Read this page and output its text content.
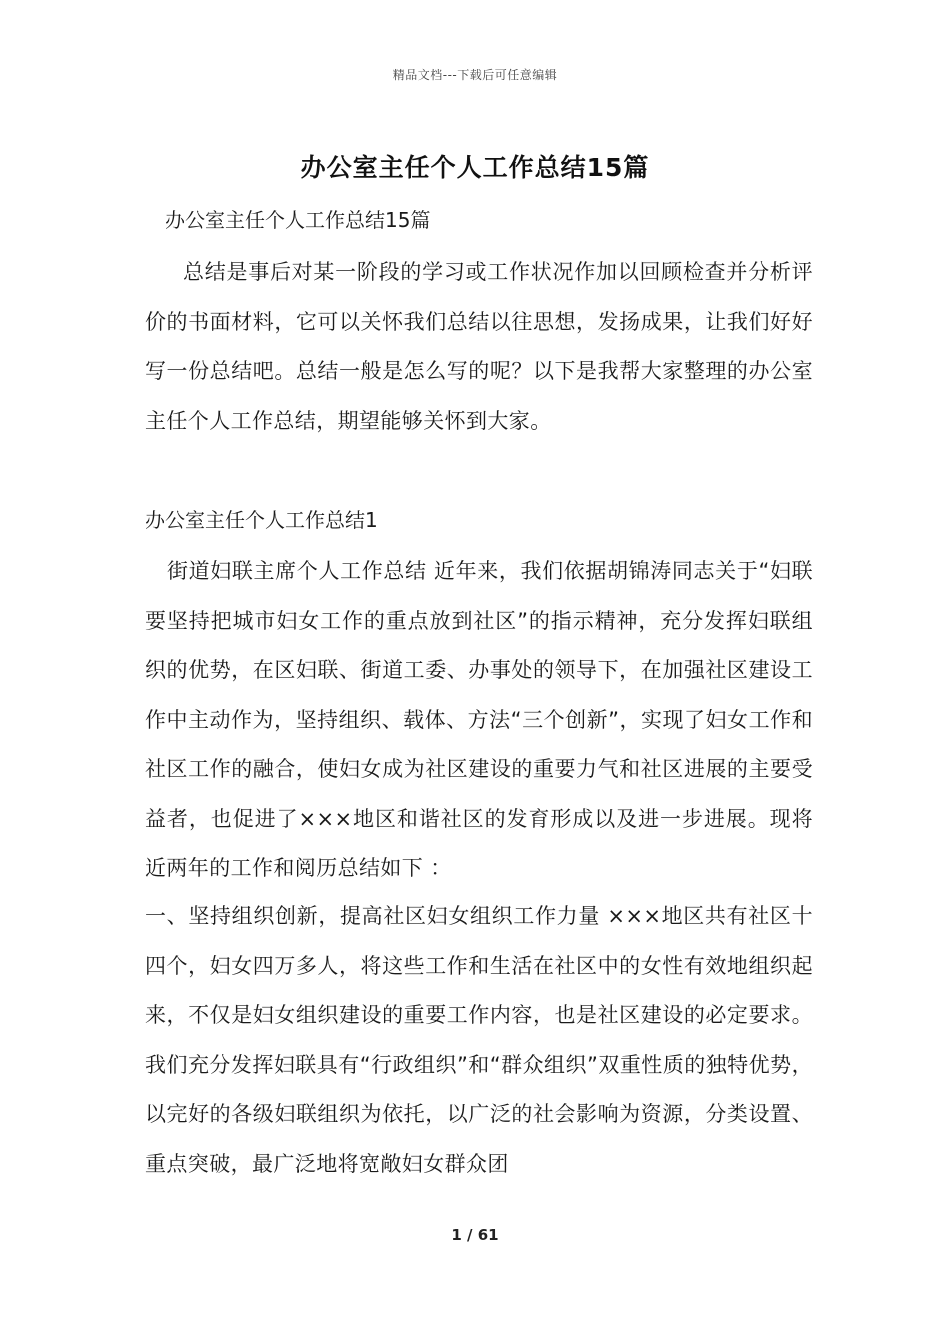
精品文档---下载后可任意编辑
办公室主任个人工作总结15篇
办公室主任个人工作总结15篇
总结是事后对某一阶段的学习或工作状况作加以回顾检查并分析评价的书面材料，它可以关怀我们总结以往思想，发扬成果，让我们好好写一份总结吧。总结一般是怎么写的呢？以下是我帮大家整理的办公室主任个人工作总结，期望能够关怀到大家。
办公室主任个人工作总结1
街道妇联主席个人工作总结 近年来，我们依据胡锦涛同志关于“妇联要坚持把城市妇女工作的重点放到社区”的指示精神，充分发挥妇联组织的优势，在区妇联、街道工委、办事处的领导下，在加强社区建设工作中主动作为，坚持组织、载体、方法“三个创新”，实现了妇女工作和社区工作的融合，使妇女成为社区建设的重要力气和社区进展的主要受益者，也促进了×××地区和谐社区的发育形成以及进一步进展。现将近两年的工作和阅历总结如下 ：
一、坚持组织创新，提高社区妇女组织工作力量 ×××地区共有社区十四个，妇女四万多人，将这些工作和生活在社区中的女性有效地组织起来，不仅是妇女组织建设的重要工作内容，也是社区建设的必定要求。我们充分发挥妇联具有“行政组织”和“群众组织”双重性质的独特优势，以完好的各级妇联组织为依托，以广泛的社会影响为资源，分类设置、重点突破，最广泛地将宽敞妇女群众团
1 / 61
